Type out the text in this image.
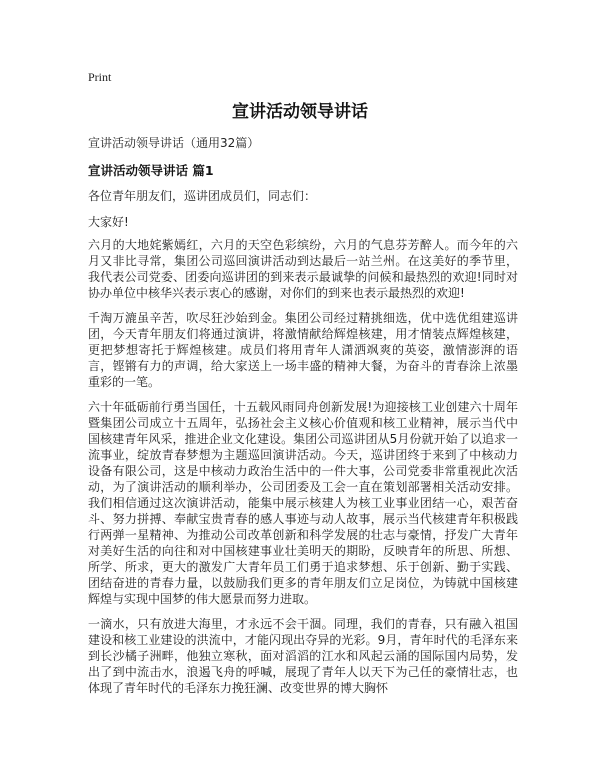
Print
宣讲活动领导讲话
宣讲活动领导讲话（通用32篇）
宣讲活动领导讲话 篇1
各位青年朋友们，巡讲团成员们，同志们：
大家好!

六月的大地姹紫嫣红，六月的天空色彩缤纷，六月的气息芬芳醉人。而今年的六月又非比寻常，集团公司巡回演讲活动到达最后一站兰州。在这美好的季节里，我代表公司党委、团委向巡讲团的到来表示最诚挚的问候和最热烈的欢迎!同时对协办单位中核华兴表示衷心的感谢，对你们的到来也表示最热烈的欢迎!

千淘万漉虽辛苦，吹尽狂沙始到金。集团公司经过精挑细选，优中选优组建巡讲团，今天青年朋友们将通过演讲，将激情献给辉煌核建，用才情装点辉煌核建，更把梦想寄托于辉煌核建。成员们将用青年人潇洒飒爽的英姿，激情澎湃的语言，铿锵有力的声调，给大家送上一场丰盛的精神大餐，为奋斗的青春涂上浓墨重彩的一笔。

六十年砥砺前行勇当国任，十五载风雨同舟创新发展!为迎接核工业创建六十周年暨集团公司成立十五周年，弘扬社会主义核心价值观和核工业精神，展示当代中国核建青年风采，推进企业文化建设。集团公司巡讲团从5月份就开始了以追求一流事业，绽放青春梦想为主题巡回演讲活动。今天，巡讲团终于来到了中核动力设备有限公司，这是中核动力政治生活中的一件大事，公司党委非常重视此次活动，为了演讲活动的顺利举办，公司团委及工会一直在策划部署相关活动安排。我们相信通过这次演讲活动，能集中展示核建人为核工业事业团结一心，艰苦奋斗、努力拼搏、奉献宝贵青春的感人事迹与动人故事，展示当代核建青年积极践行两弹一星精神、为推动公司改革创新和科学发展的壮志与豪情，抒发广大青年对美好生活的向往和对中国核建事业壮美明天的期盼，反映青年的所思、所想、所学、所求，更大的激发广大青年员工们勇于追求梦想、乐于创新、勤于实践、团结奋进的青春力量，以鼓励我们更多的青年朋友们立足岗位，为铸就中国核建辉煌与实现中国梦的伟大愿景而努力进取。

一滴水，只有放进大海里，才永远不会干涸。同理，我们的青春，只有融入祖国建设和核工业建设的洪流中，才能闪现出夺异的光彩。9月，青年时代的毛泽东来到长沙橘子洲畔，他独立寒秋，面对滔滔的江水和风起云涌的国际国内局势，发出了到中流击水，浪遏飞舟的呼喊，展现了青年人以天下为己任的豪情壮志，也体现了青年时代的毛泽东力挽狂澜、改变世界的博大胸怀
